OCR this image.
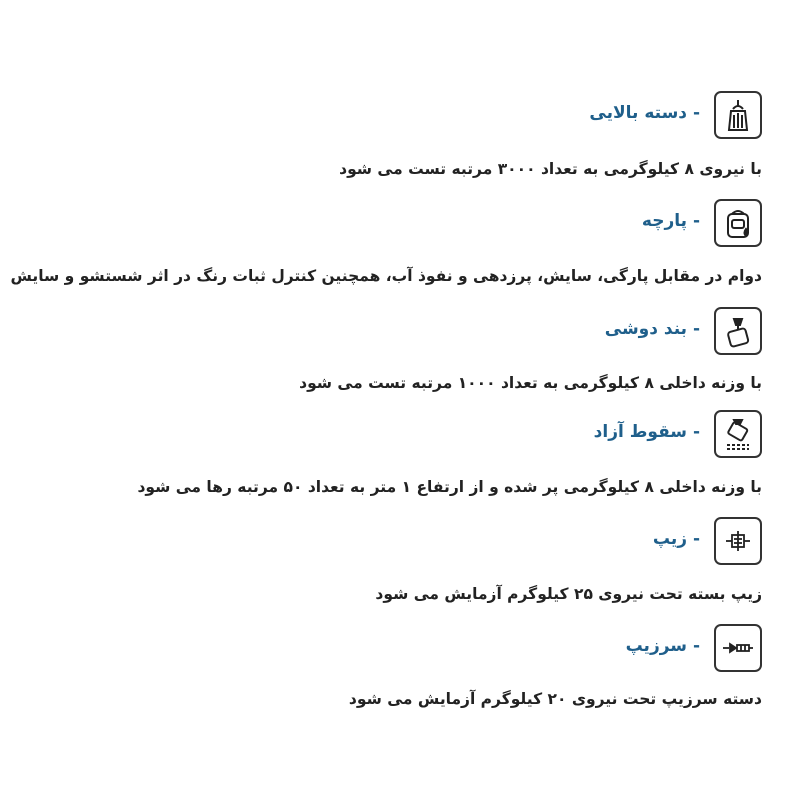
- دسته بالایی
با نیروی ۸ کیلوگرمی به تعداد ۳۰۰۰ مرتبه تست می شود
- پارچه
دوام در مقابل پارگی، سایش، پرزدهی و نفوذ آب، همچنین کنترل ثبات رنگ در اثر شستشو و سایش
- بند دوشی
با وزنه داخلی ۸ کیلوگرمی به تعداد ۱۰۰۰ مرتبه تست می شود
- سقوط آزاد
با وزنه داخلی ۸ کیلوگرمی پر شده و از ارتفاع ۱ متر به تعداد ۵۰ مرتبه رها می شود
- زیپ
زیپ بسته تحت نیروی ۲۵ کیلوگرم آزمایش می شود
- سرزیپ
دسته سرزیپ تحت نیروی ۲۰ کیلوگرم آزمایش می شود
